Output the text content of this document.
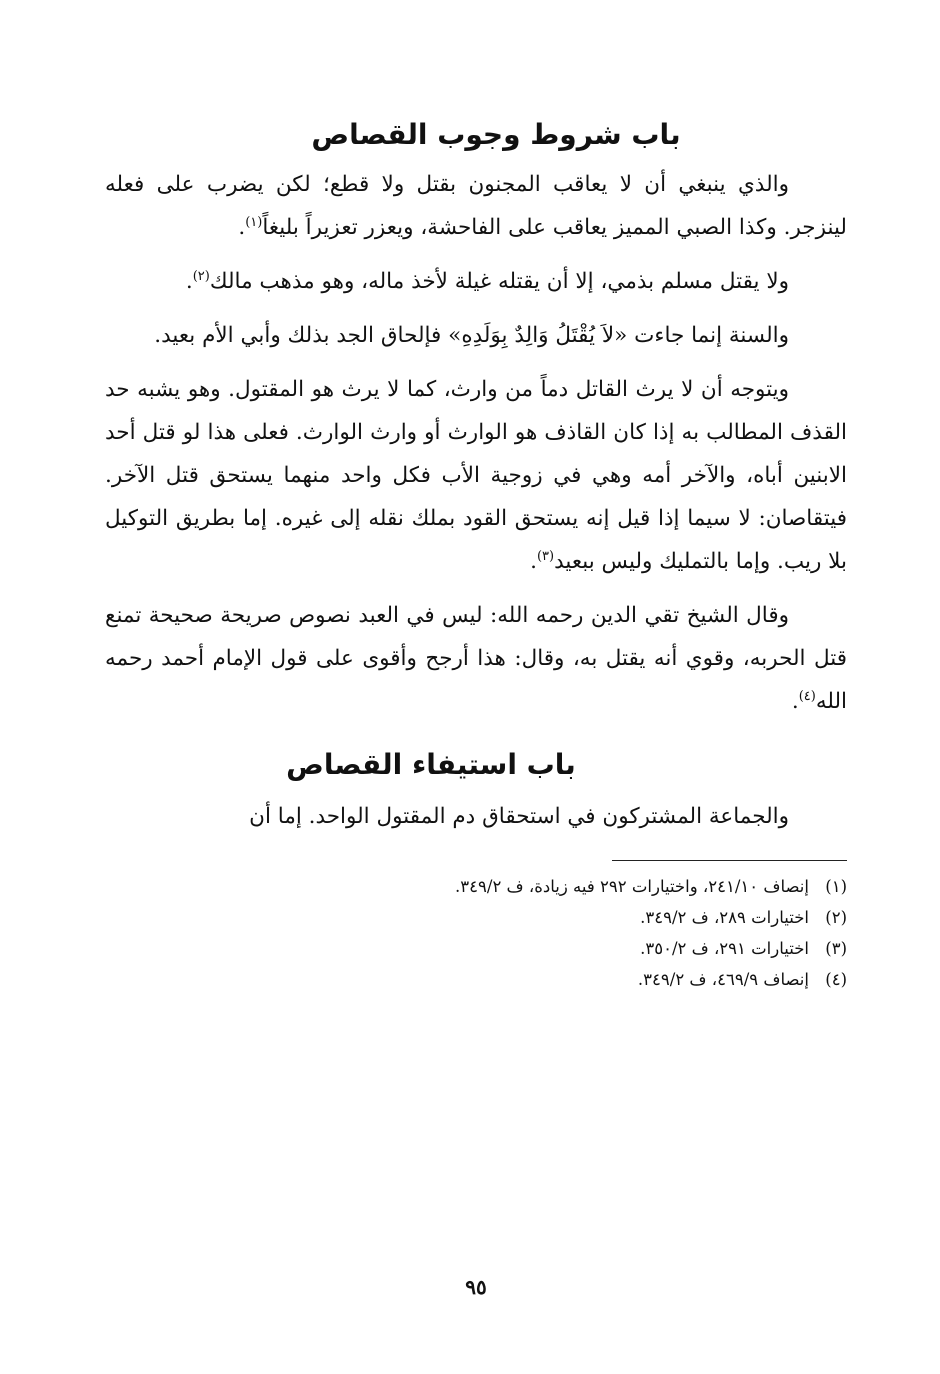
باب شروط وجوب القصاص

والذي ينبغي أن لا يعاقب المجنون بقتل ولا قطع؛ لكن يضرب على فعله لينزجر. وكذا الصبي المميز يعاقب على الفاحشة، ويعزر تعزيراً بليغاً$^{(١)}$.

ولا يقتل مسلم بذمي، إلا أن يقتله غيلة لأخذ ماله، وهو مذهب مالك$^{(٢)}$.

والسنة إنما جاءت «لاَ يُقْتَلُ وَالِدٌ بِوَلَدِهِ» فإلحاق الجد بذلك وأبي الأم بعيد.

ويتوجه أن لا يرث القاتل دماً من وارث، كما لا يرث هو المقتول. وهو يشبه حد القذف المطالب به إذا كان القاذف هو الوارث أو وارث الوارث. فعلى هذا لو قتل أحد الابنين أباه، والآخر أمه وهي في زوجية الأب فكل واحد منهما يستحق قتل الآخر. فيتقاصان: لا سيما إذا قيل إنه يستحق القود بملك نقله إلى غيره. إما بطريق التوكيل بلا ريب. وإما بالتمليك وليس ببعيد$^{(٣)}$.

وقال الشيخ تقي الدين رحمه الله: ليس في العبد نصوص صريحة صحيحة تمنع قتل الحربه، وقوي أنه يقتل به، وقال: هذا أرجح وأقوى على قول الإمام أحمد رحمه الله$^{(٤)}$.

باب استيفاء القصاص

والجماعة المشتركون في استحقاق دم المقتول الواحد. إما أن

(١)
إنصاف ٢٤١/١٠، واختيارات ٢٩٢ فيه زيادة، ف ٣٤٩/٢.
(٢)
اختيارات ٢٨٩، ف ٣٤٩/٢.
(٣)
اختيارات ٢٩١، ف ٣٥٠/٢.
(٤)
إنصاف ٤٦٩/٩، ف ٣٤٩/٢.
٩٥
